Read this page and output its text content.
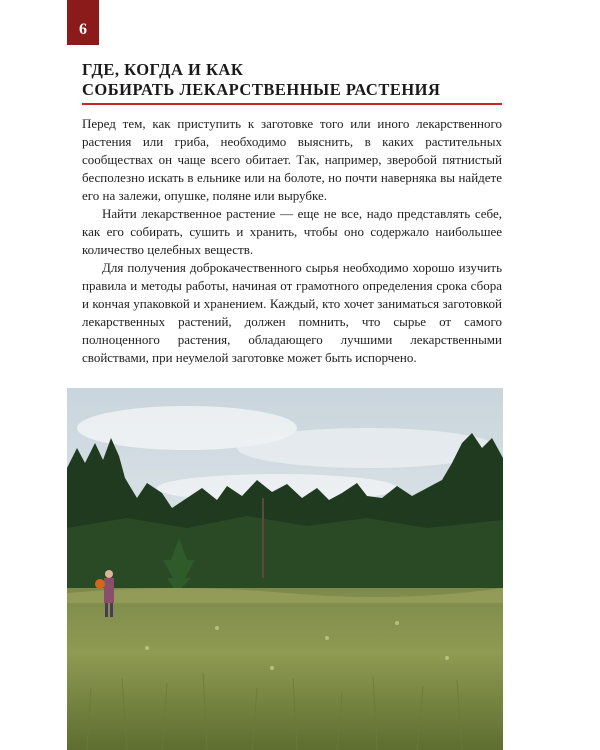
6
ГДЕ, КОГДА И КАК
СОБИРАТЬ ЛЕКАРСТВЕННЫЕ РАСТЕНИЯ

Перед тем, как приступить к заготовке того или иного лекарственного растения или гриба, необходимо выяснить, в каких растительных сообществах он чаще всего обитает. Так, например, зверобой пятнистый бесполезно искать в ельнике или на болоте, но почти наверняка вы найдете его на залежи, опушке, поляне или вырубке.

Найти лекарственное растение — еще не все, надо представлять себе, как его собирать, сушить и хранить, чтобы оно содержало наибольшее количество целебных веществ.

Для получения доброкачественного сырья необходимо хорошо изучить правила и методы работы, начиная от грамотного определения срока сбора и кончая упаковкой и хранением. Каждый, кто хочет заниматься заготовкой лекарственных растений, должен помнить, что сырье от самого полноценного растения, обладающего лучшими лекарственными свойствами, при неумелой заготовке может быть испорчено.
